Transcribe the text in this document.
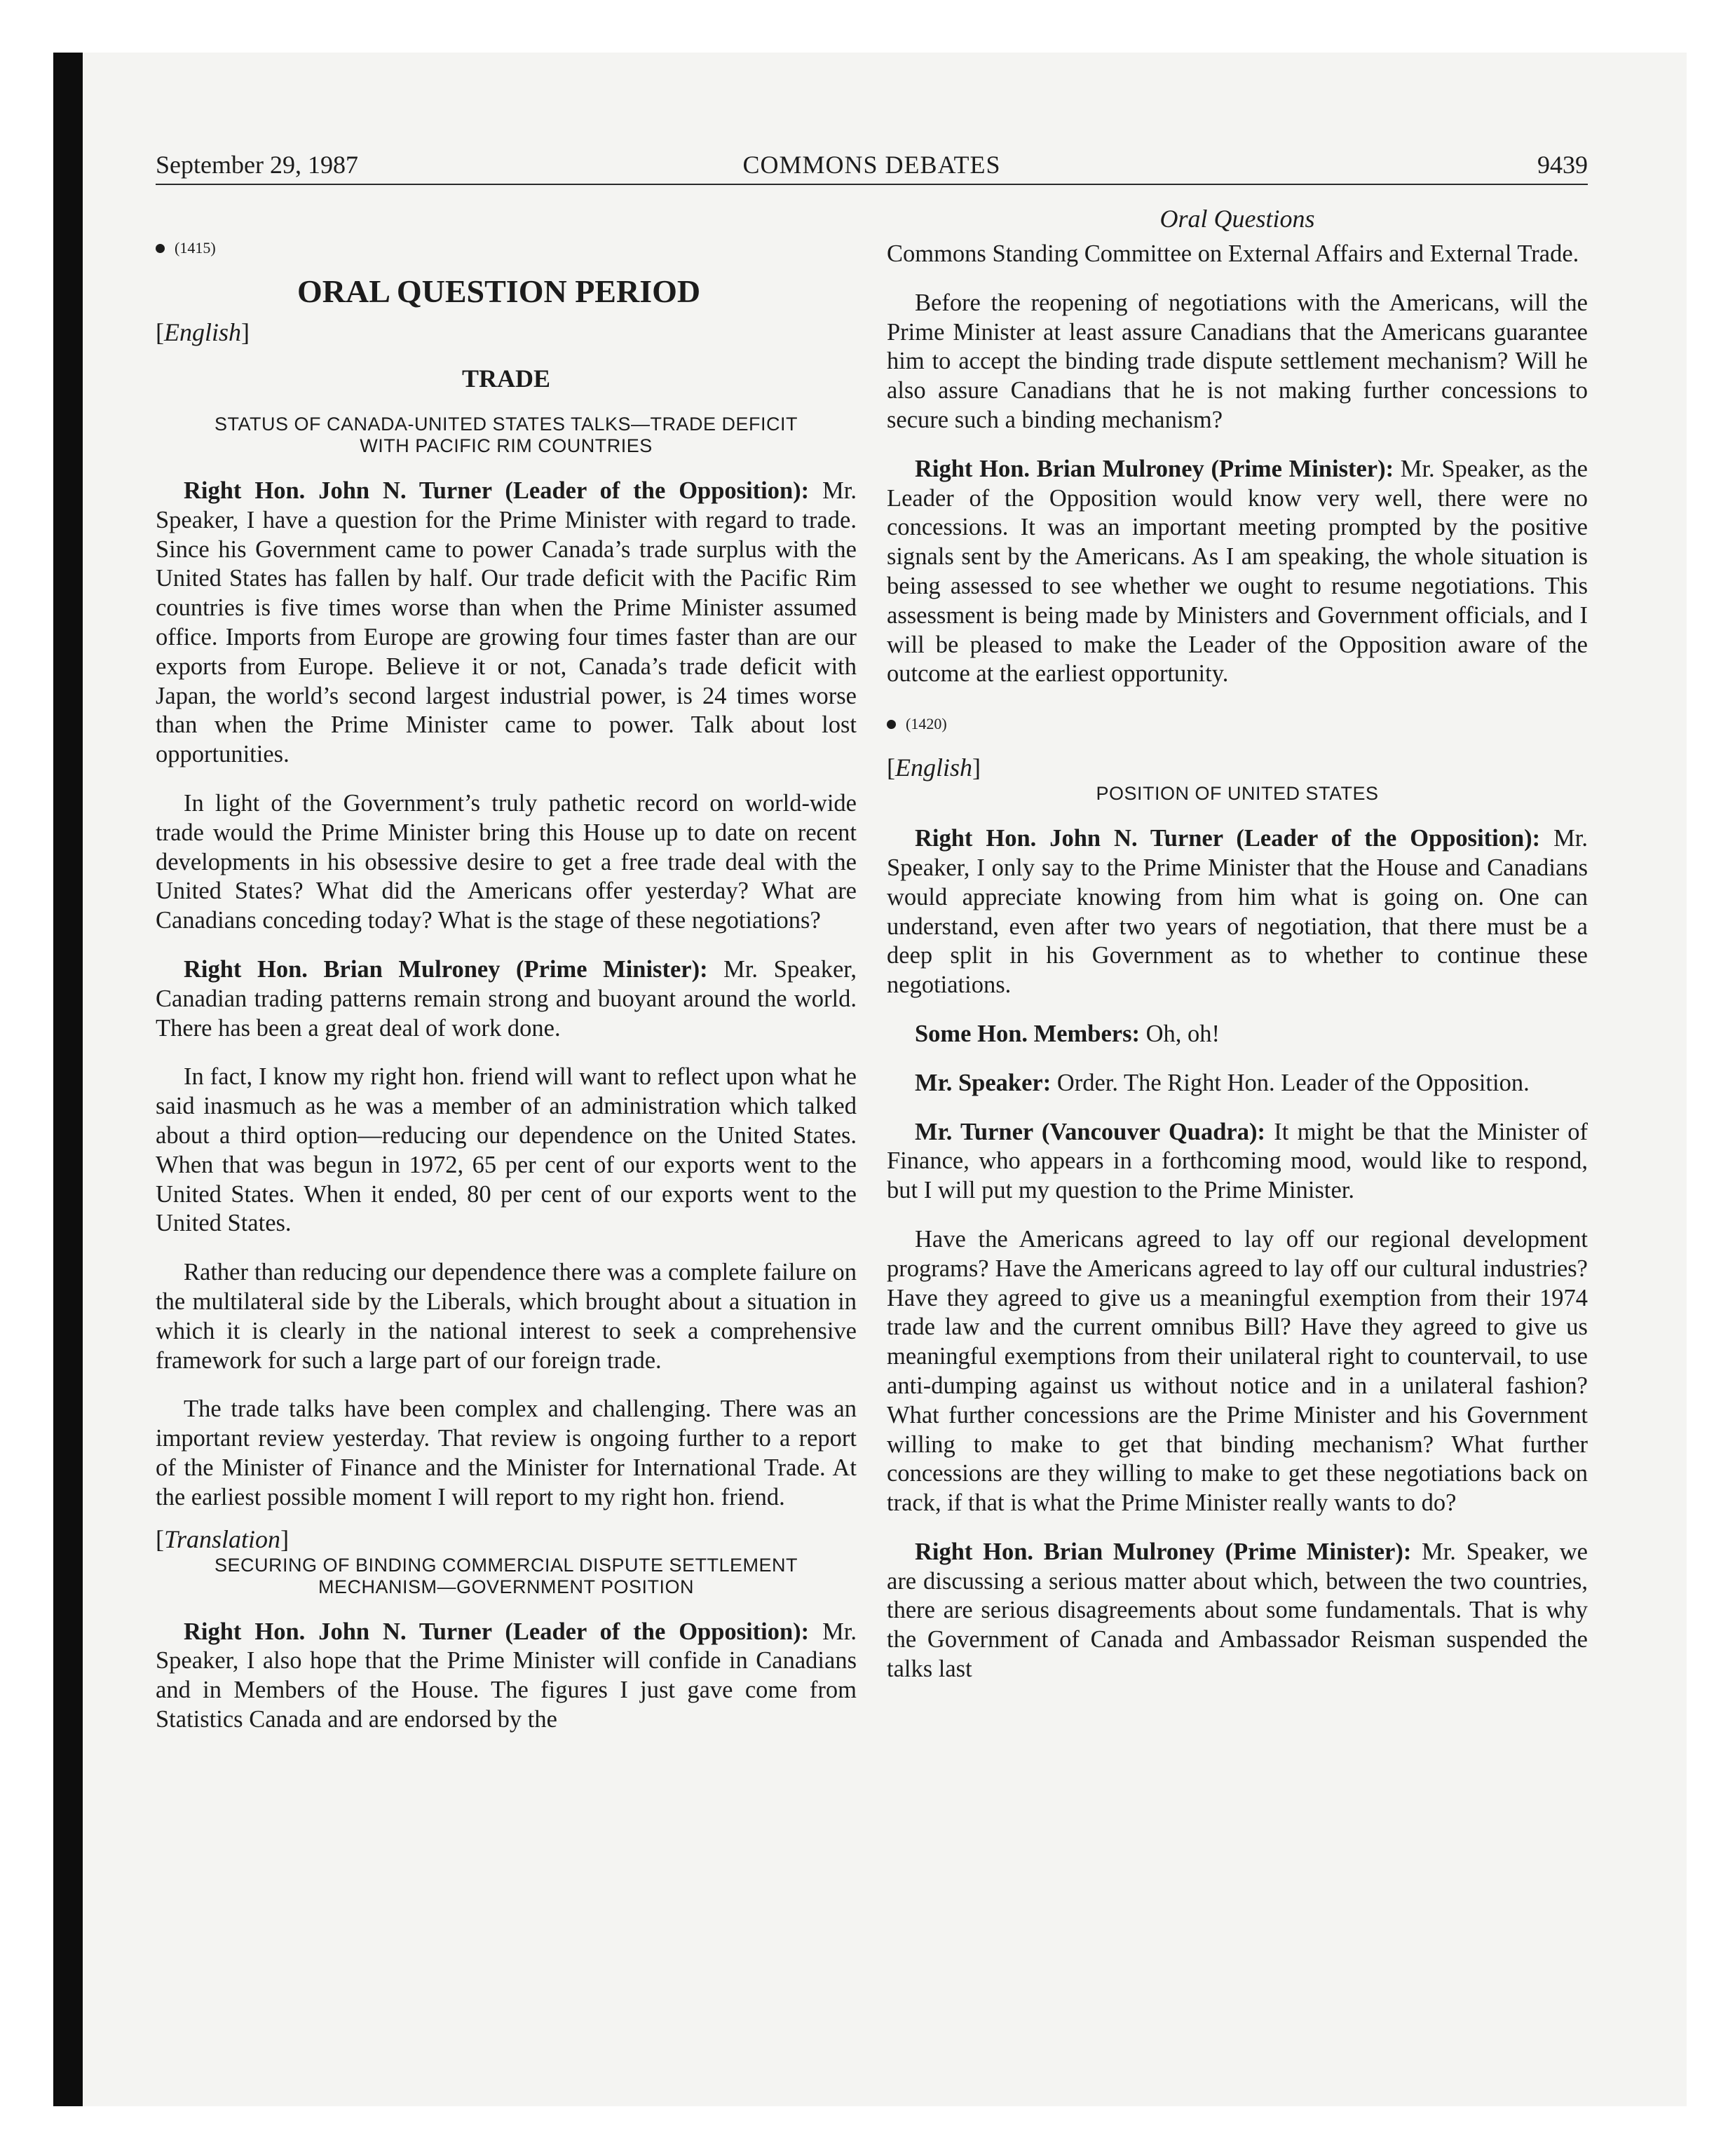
September 29, 1987	COMMONS DEBATES	9439
(1415)
ORAL QUESTION PERIOD
[English]
TRADE
STATUS OF CANADA-UNITED STATES TALKS—TRADE DEFICIT
WITH PACIFIC RIM COUNTRIES

Right Hon. John N. Turner (Leader of the Opposition): Mr. Speaker, I have a question for the Prime Minister with regard to trade. Since his Government came to power Canada’s trade surplus with the United States has fallen by half. Our trade deficit with the Pacific Rim countries is five times worse than when the Prime Minister assumed office. Imports from Europe are growing four times faster than are our exports from Europe. Believe it or not, Canada’s trade deficit with Japan, the world’s second largest industrial power, is 24 times worse than when the Prime Minister came to power. Talk about lost opportunities.

In light of the Government’s truly pathetic record on world-wide trade would the Prime Minister bring this House up to date on recent developments in his obsessive desire to get a free trade deal with the United States? What did the Americans offer yesterday? What are Canadians conceding today? What is the stage of these negotiations?

Right Hon. Brian Mulroney (Prime Minister): Mr. Speaker, Canadian trading patterns remain strong and buoyant around the world. There has been a great deal of work done.

In fact, I know my right hon. friend will want to reflect upon what he said inasmuch as he was a member of an administration which talked about a third option—reducing our dependence on the United States. When that was begun in 1972, 65 per cent of our exports went to the United States. When it ended, 80 per cent of our exports went to the United States.

Rather than reducing our dependence there was a complete failure on the multilateral side by the Liberals, which brought about a situation in which it is clearly in the national interest to seek a comprehensive framework for such a large part of our foreign trade.

The trade talks have been complex and challenging. There was an important review yesterday. That review is ongoing further to a report of the Minister of Finance and the Minister for International Trade. At the earliest possible moment I will report to my right hon. friend.

[Translation]
SECURING OF BINDING COMMERCIAL DISPUTE SETTLEMENT
MECHANISM—GOVERNMENT POSITION

Right Hon. John N. Turner (Leader of the Opposition): Mr. Speaker, I also hope that the Prime Minister will confide in Canadians and in Members of the House. The figures I just gave come from Statistics Canada and are endorsed by the

Oral Questions

Commons Standing Committee on External Affairs and External Trade.

Before the reopening of negotiations with the Americans, will the Prime Minister at least assure Canadians that the Americans guarantee him to accept the binding trade dispute settlement mechanism? Will he also assure Canadians that he is not making further concessions to secure such a binding mechanism?

Right Hon. Brian Mulroney (Prime Minister): Mr. Speaker, as the Leader of the Opposition would know very well, there were no concessions. It was an important meeting prompted by the positive signals sent by the Americans. As I am speaking, the whole situation is being assessed to see whether we ought to resume negotiations. This assessment is being made by Ministers and Government officials, and I will be pleased to make the Leader of the Opposition aware of the outcome at the earliest opportunity.

(1420)
[English]
POSITION OF UNITED STATES

Right Hon. John N. Turner (Leader of the Opposition): Mr. Speaker, I only say to the Prime Minister that the House and Canadians would appreciate knowing from him what is going on. One can understand, even after two years of negotiation, that there must be a deep split in his Government as to whether to continue these negotiations.

Some Hon. Members: Oh, oh!

Mr. Speaker: Order. The Right Hon. Leader of the Opposition.

Mr. Turner (Vancouver Quadra): It might be that the Minister of Finance, who appears in a forthcoming mood, would like to respond, but I will put my question to the Prime Minister.

Have the Americans agreed to lay off our regional development programs? Have the Americans agreed to lay off our cultural industries? Have they agreed to give us a meaningful exemption from their 1974 trade law and the current omnibus Bill? Have they agreed to give us meaningful exemptions from their unilateral right to countervail, to use anti-dumping against us without notice and in a unilateral fashion? What further concessions are the Prime Minister and his Government willing to make to get that binding mechanism? What further concessions are they willing to make to get these negotiations back on track, if that is what the Prime Minister really wants to do?

Right Hon. Brian Mulroney (Prime Minister): Mr. Speaker, we are discussing a serious matter about which, between the two countries, there are serious disagreements about some fundamentals. That is why the Government of Canada and Ambassador Reisman suspended the talks last
